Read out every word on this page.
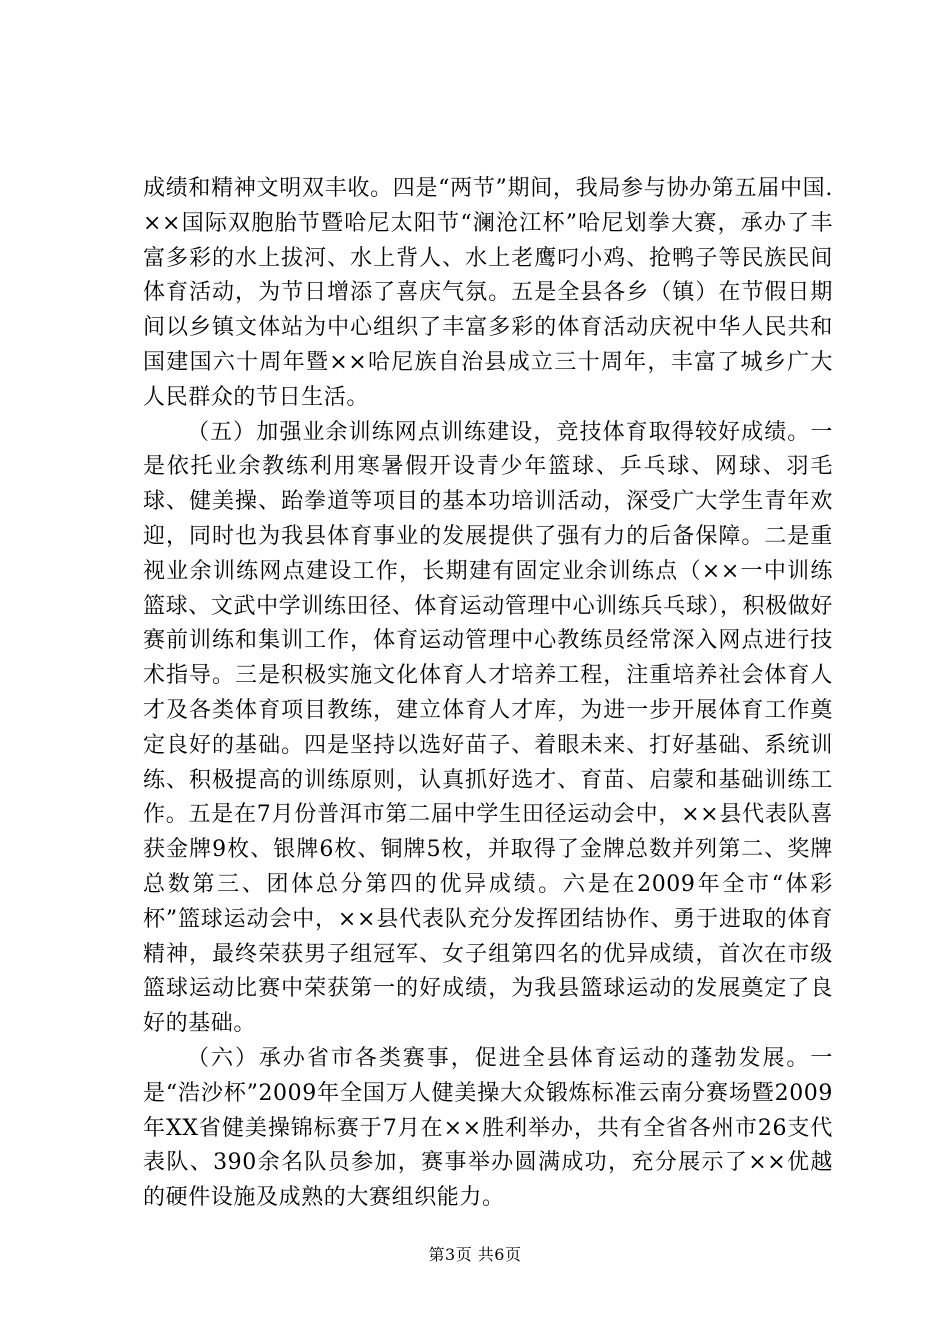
成绩和精神文明双丰收。四是“两节”期间，我局参与协办第五届中国.××国际双胞胎节暨哈尼太阳节“澜沧江杯”哈尼划拳大赛，承办了丰富多彩的水上拔河、水上背人、水上老鹰叼小鸡、抢鸭子等民族民间体育活动，为节日增添了喜庆气氛。五是全县各乡（镇）在节假日期间以乡镇文体站为中心组织了丰富多彩的体育活动庆祝中华人民共和国建国六十周年暨××哈尼族自治县成立三十周年，丰富了城乡广大人民群众的节日生活。

（五）加强业余训练网点训练建设，竞技体育取得较好成绩。一是依托业余教练利用寒暑假开设青少年篮球、乒乓球、网球、羽毛球、健美操、跆拳道等项目的基本功培训活动，深受广大学生青年欢迎，同时也为我县体育事业的发展提供了强有力的后备保障。二是重视业余训练网点建设工作，长期建有固定业余训练点（××一中训练篮球、文武中学训练田径、体育运动管理中心训练兵乓球），积极做好赛前训练和集训工作，体育运动管理中心教练员经常深入网点进行技术指导。三是积极实施文化体育人才培养工程，注重培养社会体育人才及各类体育项目教练，建立体育人才库，为进一步开展体育工作奠定良好的基础。四是坚持以选好苗子、着眼未来、打好基础、系统训练、积极提高的训练原则，认真抓好选才、育苗、启蒙和基础训练工作。五是在7月份普洱市第二届中学生田径运动会中，××县代表队喜获金牌9枚、银牌6枚、铜牌5枚，并取得了金牌总数并列第二、奖牌总数第三、团体总分第四的优异成绩。六是在2009年全市“体彩杯”篮球运动会中，××县代表队充分发挥团结协作、勇于进取的体育精神，最终荣获男子组冠军、女子组第四名的优异成绩，首次在市级篮球运动比赛中荣获第一的好成绩，为我县篮球运动的发展奠定了良好的基础。

（六）承办省市各类赛事，促进全县体育运动的蓬勃发展。一是“浩沙杯”2009年全国万人健美操大众锻炼标准云南分赛场暨2009年XX省健美操锦标赛于7月在××胜利举办，共有全省各州市26支代表队、390余名队员参加，赛事举办圆满成功，充分展示了××优越的硬件设施及成熟的大赛组织能力。

第3页 共6页
